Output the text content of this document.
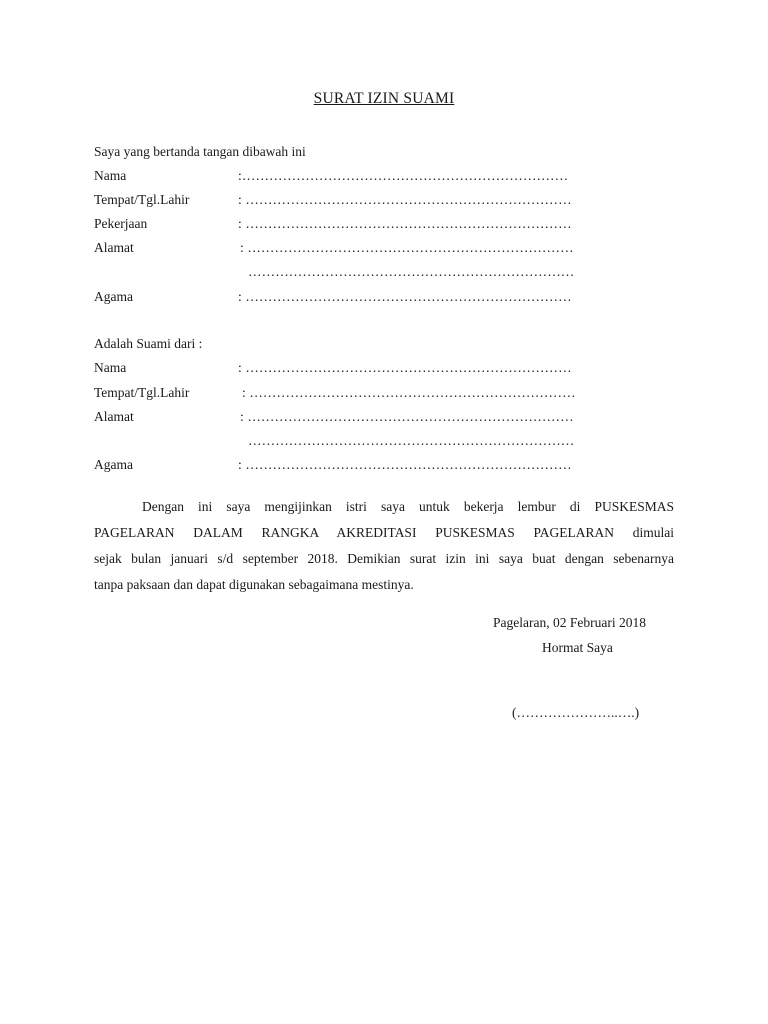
SURAT IZIN SUAMI
Saya yang bertanda tangan dibawah ini
Nama	:………………………………………………………………
Tempat/Tgl.Lahir	: ………………………………………………………………
Pekerjaan	: ………………………………………………………………
Alamat	: ………………………………………………………………
………………………………………………………………
Agama	: ………………………………………………………………
Adalah Suami dari :
Nama	: ………………………………………………………………
Tempat/Tgl.Lahir	: ………………………………………………………………
Alamat	: ………………………………………………………………
………………………………………………………………
Agama	: ………………………………………………………………
Dengan ini saya mengijinkan istri saya untuk bekerja lembur di PUSKESMAS
PAGELARAN DALAM RANGKA AKREDITASI PUSKESMAS PAGELARAN dimulai
sejak bulan januari s/d september 2018. Demikian surat izin ini saya buat dengan sebenarnya
tanpa paksaan dan dapat digunakan sebagaimana mestinya.
Pagelaran, 02 Februari 2018
Hormat Saya
(…………………..….)
